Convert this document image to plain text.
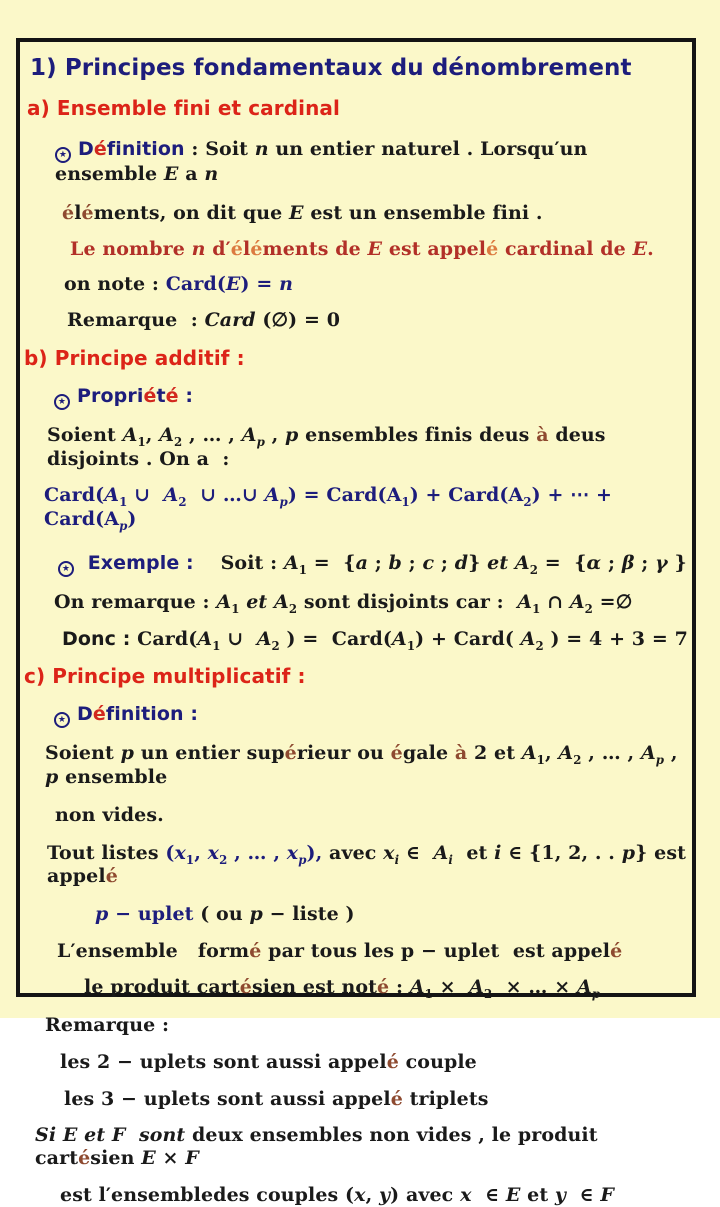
1) Principes fondamentaux du dénombrement
a) Ensemble fini et cardinal
★ Définition : Soit n un entier naturel . Lorsqu′un ensemble E a n
éléments, on dit que E est un ensemble fini .
Le nombre n d′éléments de E est appelé cardinal de E.
on note : Card(E) = n
Remarque  : Card (∅) = 0
b) Principe additif :
★ Propriété :
Soient $A_1$, $A_2$ , … , $A_p$ , p ensembles finis deus à deus disjoints . On a  :
$Card(A_1$ ∪  $A_2$  ∪ …∪ $A_p$) = $Card(A_1)$ + $Card(A_2)$ + ⋯ + $Card(A_p)$
★ Exemple :    Soit : $A_1 = \{a$ ; b ; c ; d} et $A_2 = \{\alpha$ ; β ; γ }
On remarque : $A_1$ et $A_2$ sont disjoints car :  $A_1$ ∩ $A_2$ =∅
Donc : $Card(A_1$ ∪  $A_2$ ) =  $Card(A_1)$ + Card( $A_2$ ) = 4 + 3 = 7
c) Principe multiplicatif :
★ Définition :
Soient p un entier supérieur ou égale à 2 et $A_1$, $A_2$ , … , $A_p$ , p ensemble
non vides.
Tout listes ($x_1$, $x_2$ , … , $x_p$), avec $x_i$ ∈  $A_i$  et i ∈ {1, 2, . . p} est appelé
p − uplet ( ou p − liste )
L′ensemble   formé par tous les p − uplet  est appelé
le produit cartésien est noté : $A_1 \times A_2$  × … × $A_p$
Remarque :
les 2 − uplets sont aussi appelé couple
les 3 − uplets sont aussi appelé triplets
Si E et F  sont deux ensembles non vides , le produit cartésien E × F
est l′ensembledes couples (x, y) avec x  ∈ E et y  ∈ F
